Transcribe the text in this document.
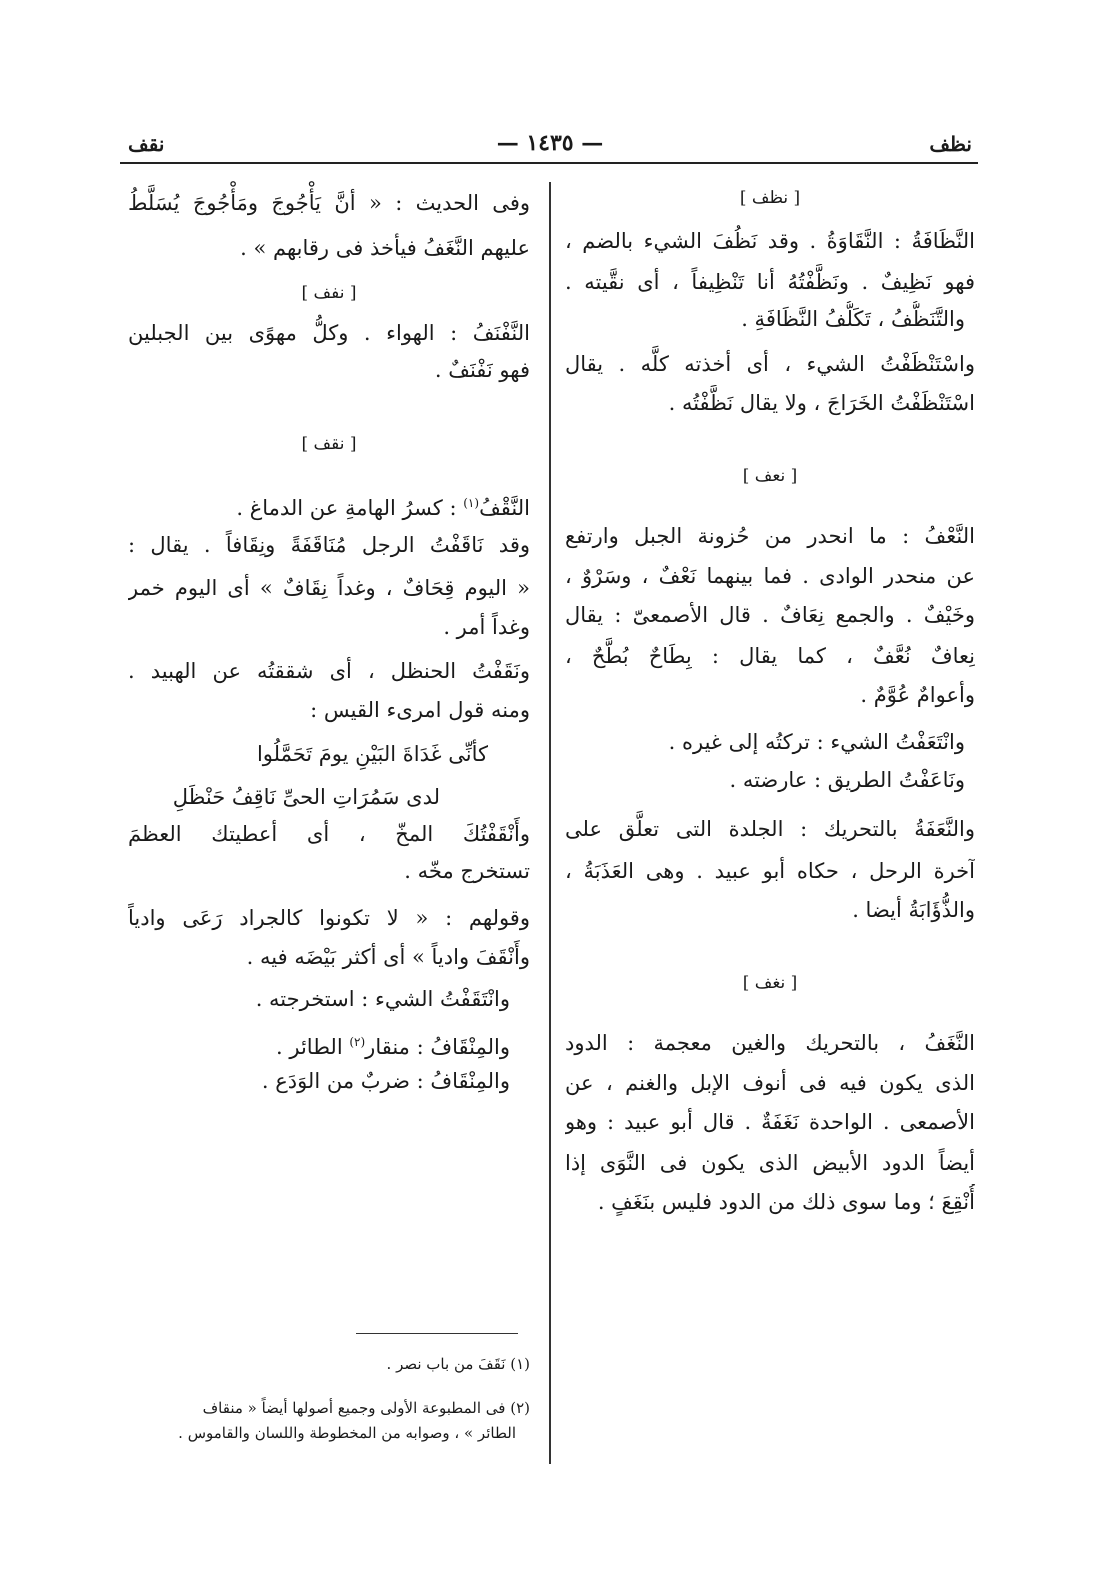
نقف	— ١٤٣٥ —	نظف
[ نظف ]
النَّظَافَةُ : النَّقَاوَةُ . وقد نَظُفَ الشيء بالضم ،
فهو نَظِيفٌ . ونَظَّفْتُهُ أنا تَنْظِيفاً ، أى نقَّيته .
والتَّنَظُّفُ ، تَكَلُّفُ النَّظَافَةِ .
واسْتَنْظَفْتُ الشيء ، أى أخذته كلَّه . يقال
اسْتَنْظَفْتُ الخَرَاجَ ، ولا يقال نَظَّفْتُه .
[ نعف ]
النَّعْفُ : ما انحدر من حُزونة الجبل وارتفع
عن منحدر الوادى . فما بينهما نَعْفٌ ، وسَرْوٌ ،
وخَيْفٌ . والجمع نِعَافٌ . قال الأصمعىّ : يقال
نِعافٌ نُعَّفٌ ، كما يقال : بِطَاحٌ بُطَّحٌ ،
وأعوامٌ عُوَّمٌ .
وانْتَعَفْتُ الشيء : تركتُه إلى غيره .
ونَاعَفْتُ الطريق : عارضته .
والنَّعَفَةُ بالتحريك : الجلدة التى تعلَّق على
آخرة الرحل ، حكاه أبو عبيد . وهى العَذَبَةُ ،
والذُّؤَابَةُ أيضا .
[ نغف ]
النَّغَفُ ، بالتحريك والغين معجمة : الدود
الذى يكون فيه فى أنوف الإبل والغنم ، عن
الأصمعى . الواحدة نَغَفَةٌ . قال أبو عبيد : وهو
أيضاً الدود الأبيض الذى يكون فى النَّوَى إذا
أُنْقِعَ ؛ وما سوى ذلك من الدود فليس بنَغَفٍ .
وفى الحديث : « أنَّ يَأْجُوجَ ومَأْجُوجَ يُسَلَّطُ
عليهم النَّغَفُ فيأخذ فى رقابهم » .
[ نفف ]
النَّفْنَفُ : الهواء . وكلُّ مهوًى بين الجبلين
فهو نَفْنَفٌ .
[ نقف ]
النَّقْفُ$^{(١)}$ : كسرُ الهامةِ عن الدماغ .
وقد نَاقَفْتُ الرجل مُنَاقَفَةً ونِقَافاً . يقال :
« اليوم قِحَافٌ ، وغداً نِقَافٌ » أى اليوم خمر
وغداً أمر .
ونَقَفْتُ الحنظل ، أى شققتُه عن الهبيد .
ومنه قول امرىء القيس :
كأنِّى غَدَاةَ البَيْنِ يومَ تَحَمَّلُوا
لدى سَمُرَاتِ الحىِّ نَاقِفُ حَنْظَلِ
وأَنْقَفْتُكَ المخّ ، أى أعطيتك العظمَ
تستخرج مخّه .
وقولهم : « لا تكونوا كالجراد رَعَى وادياً
وأَنْقَفَ وادياً » أى أكثر بَيْضَه فيه .
وانْتَقَفْتُ الشيء : استخرجته .
والمِنْقَافُ : منقار$^{(٢)}$ الطائر .
والمِنْقَافُ : ضربٌ من الوَدَع .
(١) نَقَفَ من باب نصر .
(٢) فى المطبوعة الأولى وجميع أصولها أيضاً « منقاف
الطائر » ، وصوابه من المخطوطة واللسان والقاموس .
